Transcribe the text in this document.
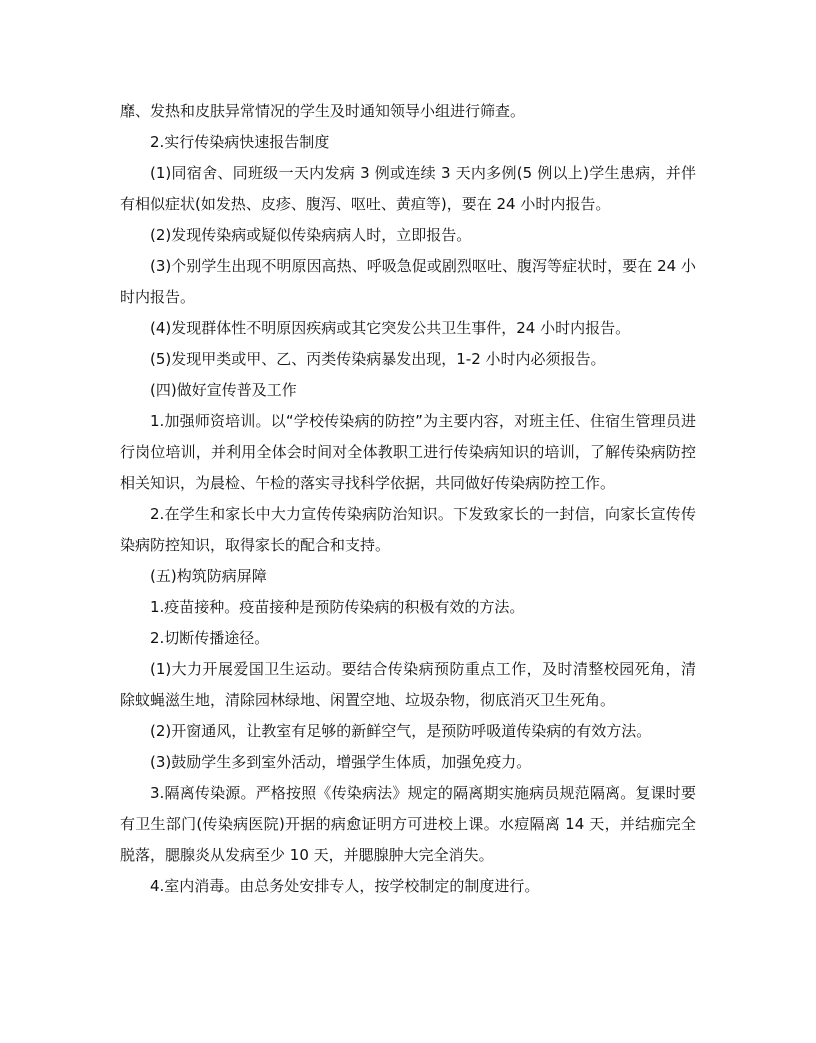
靡、发热和皮肤异常情况的学生及时通知领导小组进行筛查。

2.实行传染病快速报告制度

(1)同宿舍、同班级一天内发病 3 例或连续 3 天内多例(5 例以上)学生患病，并伴有相似症状(如发热、皮疹、腹泻、呕吐、黄疸等)，要在 24 小时内报告。

(2)发现传染病或疑似传染病病人时，立即报告。

(3)个别学生出现不明原因高热、呼吸急促或剧烈呕吐、腹泻等症状时，要在 24 小时内报告。

(4)发现群体性不明原因疾病或其它突发公共卫生事件，24 小时内报告。

(5)发现甲类或甲、乙、丙类传染病暴发出现，1-2 小时内必须报告。

(四)做好宣传普及工作

1.加强师资培训。以“学校传染病的防控”为主要内容，对班主任、住宿生管理员进行岗位培训，并利用全体会时间对全体教职工进行传染病知识的培训，了解传染病防控相关知识，为晨检、午检的落实寻找科学依据，共同做好传染病防控工作。

2.在学生和家长中大力宣传传染病防治知识。下发致家长的一封信，向家长宣传传染病防控知识，取得家长的配合和支持。

(五)构筑防病屏障

1.疫苗接种。疫苗接种是预防传染病的积极有效的方法。

2.切断传播途径。

(1)大力开展爱国卫生运动。要结合传染病预防重点工作，及时清整校园死角，清除蚊蝇滋生地，清除园林绿地、闲置空地、垃圾杂物，彻底消灭卫生死角。

(2)开窗通风，让教室有足够的新鲜空气，是预防呼吸道传染病的有效方法。

(3)鼓励学生多到室外活动，增强学生体质，加强免疫力。

3.隔离传染源。严格按照《传染病法》规定的隔离期实施病员规范隔离。复课时要有卫生部门(传染病医院)开据的病愈证明方可进校上课。水痘隔离 14 天，并结痂完全脱落，腮腺炎从发病至少 10 天，并腮腺肿大完全消失。

4.室内消毒。由总务处安排专人，按学校制定的制度进行。
